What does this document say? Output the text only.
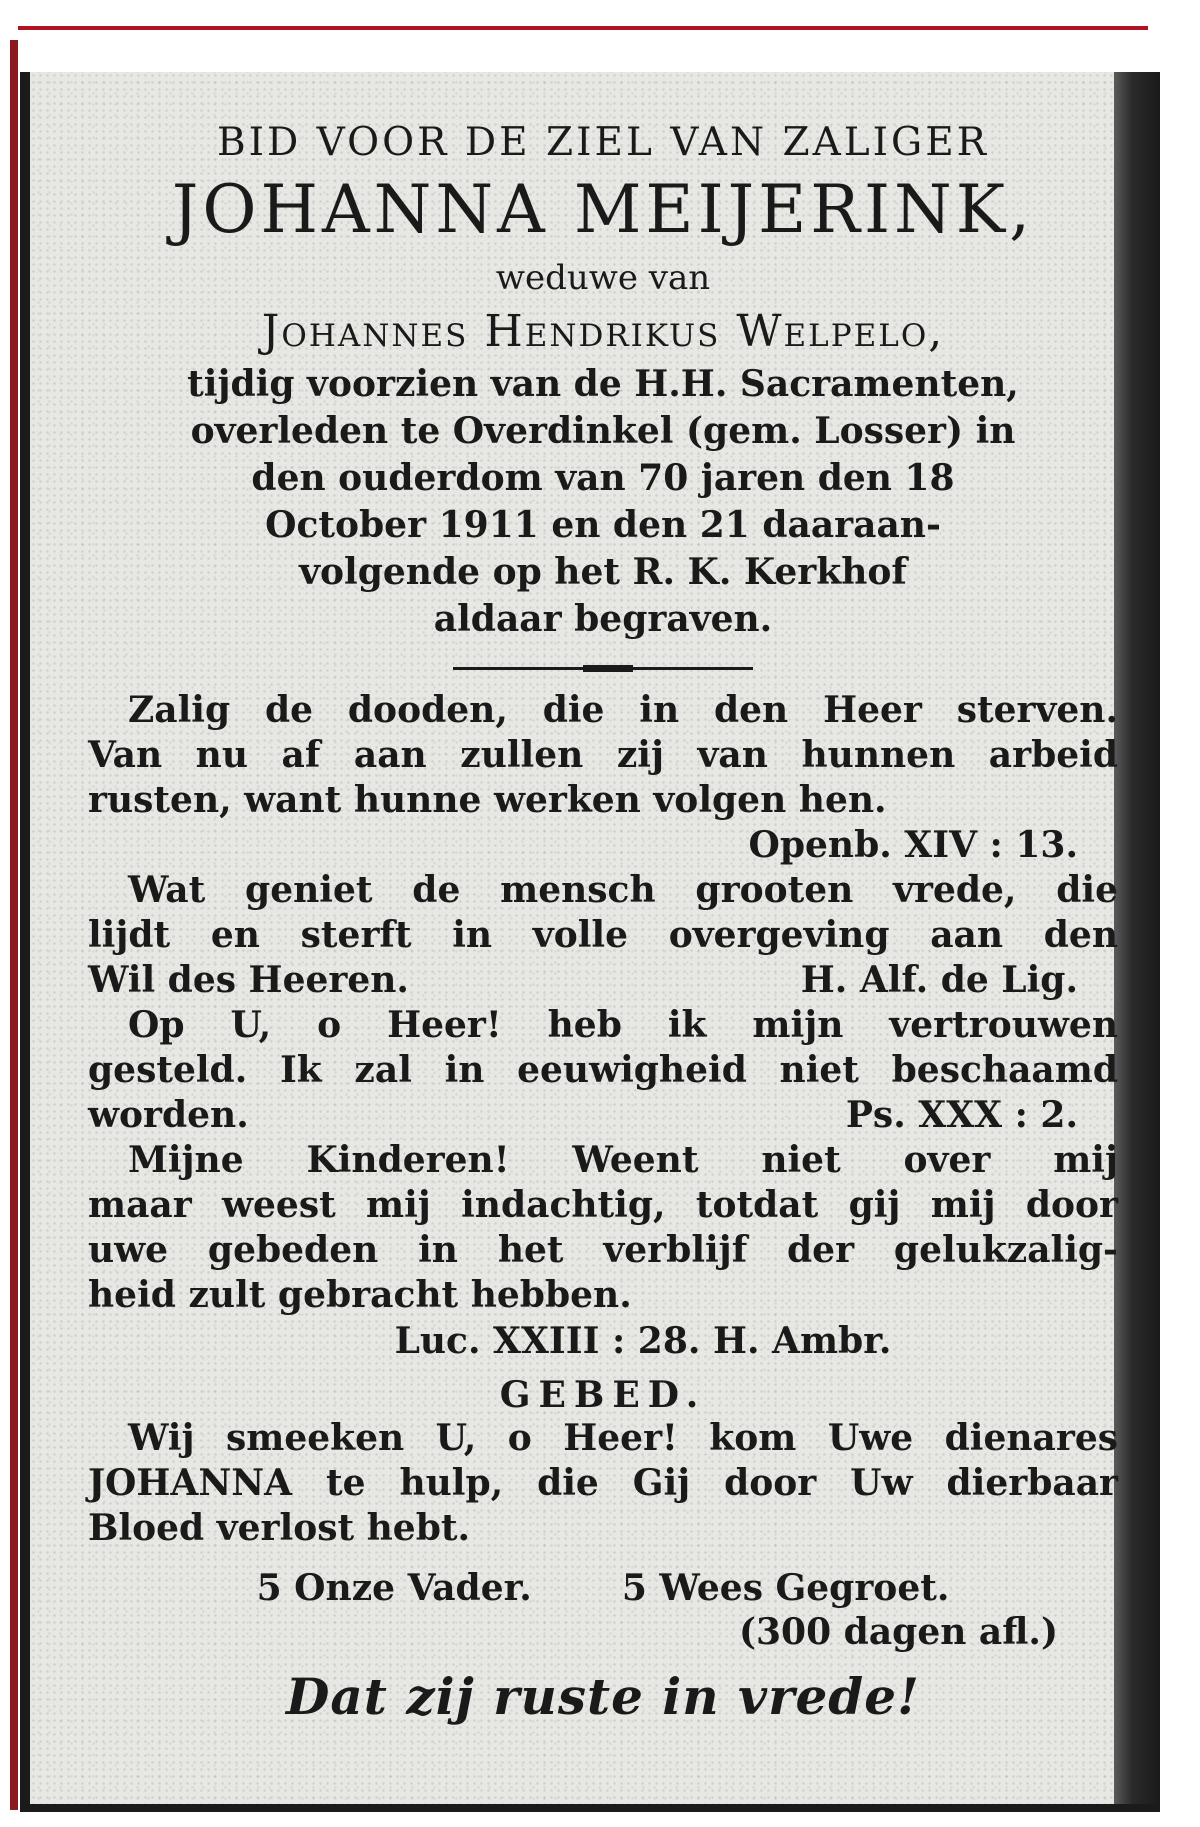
BID VOOR DE ZIEL VAN ZALIGER
JOHANNA MEIJERINK,
weduwe van
Johannes Hendrikus Welpelo,
tijdig voorzien van de H.H. Sacramenten,
overleden te Overdinkel (gem. Losser) in
den ouderdom van 70 jaren den 18
October 1911 en den 21 daaraan-
volgende op het R. K. Kerkhof
aldaar begraven.
Zalig de dooden, die in den Heer sterven.
Van nu af aan zullen zij van hunnen arbeid
rusten, want hunne werken volgen hen.
Openb. XIV : 13.
Wat geniet de mensch grooten vrede, die
lijdt en sterft in volle overgeving aan den
Wil des Heeren.	H. Alf. de Lig.
Op U, o Heer! heb ik mijn vertrouwen
gesteld. Ik zal in eeuwigheid niet beschaamd
worden.	Ps. XXX : 2.
Mijne Kinderen! Weent niet over mij
maar weest mij indachtig, totdat gij mij door
uwe gebeden in het verblijf der gelukzalig-
heid zult gebracht hebben.
Luc. XXIII : 28. H. Ambr.
GEBED.
Wij smeeken U, o Heer! kom Uwe dienares
JOHANNA te hulp, die Gij door Uw dierbaar
Bloed verlost hebt.
5 Onze Vader.	5 Wees Gegroet.
(300 dagen afl.)
Dat zij ruste in vrede!
